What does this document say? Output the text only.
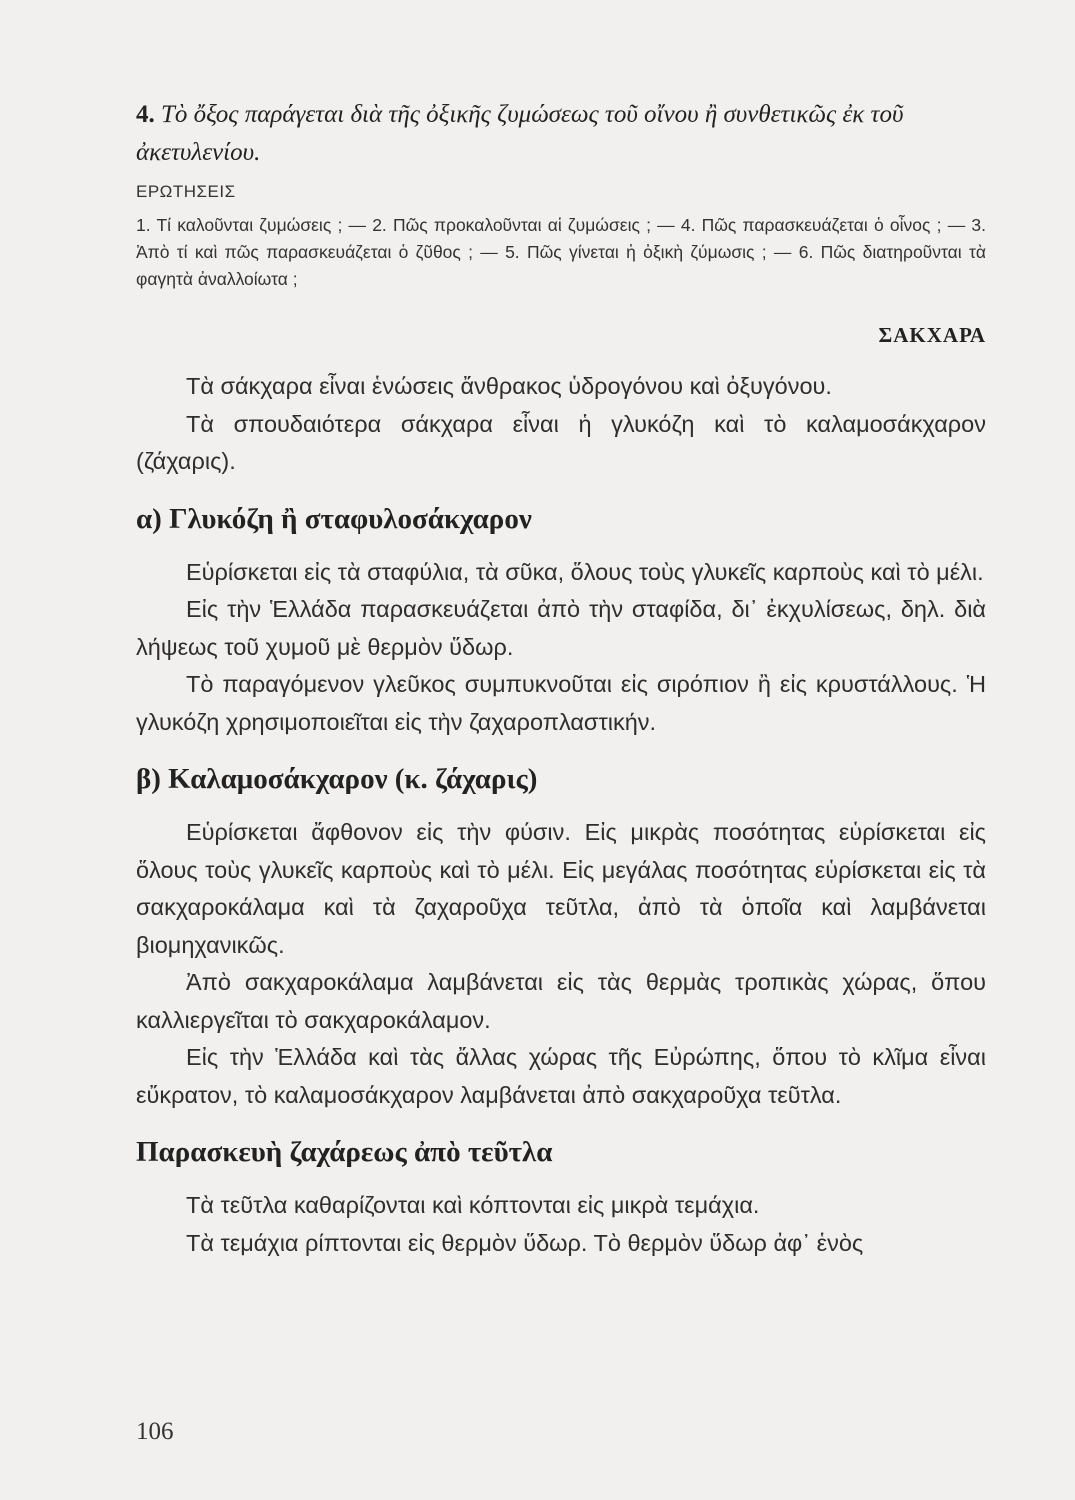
4. Τὸ ὄξος παράγεται διὰ τῆς ὀξικῆς ζυμώσεως τοῦ οἴνου ἢ συνθετικῶς ἐκ τοῦ ἀκετυλενίου.

ΕΡΩΤΗΣΕΙΣ

1. Τί καλοῦνται ζυμώσεις ; — 2. Πῶς προκαλοῦνται αἱ ζυμώσεις ; — 4. Πῶς παρασκευάζεται ὁ οἶνος ; — 3. Ἀπὸ τί καὶ πῶς παρασκευάζεται ὁ ζῦθος ; — 5. Πῶς γίνεται ἡ ὀξικὴ ζύμωσις ; — 6. Πῶς διατηροῦνται τὰ φαγητὰ ἀναλλοίωτα ;

ΣΑΚΧΑΡΑ

Τὰ σάκχαρα εἶναι ἑνώσεις ἄνθρακος ὑδρογόνου καὶ ὀξυγόνου.

Τὰ σπουδαιότερα σάκχαρα εἶναι ἡ γλυκόζη καὶ τὸ καλαμοσάκχαρον (ζάχαρις).

α) Γλυκόζη ἢ σταφυλοσάκχαρον

Εὑρίσκεται εἰς τὰ σταφύλια, τὰ σῦκα, ὅλους τοὺς γλυκεῖς καρποὺς καὶ τὸ μέλι.

Εἰς τὴν Ἑλλάδα παρασκευάζεται ἀπὸ τὴν σταφίδα, δι᾽ ἐκχυλίσεως, δηλ. διὰ λήψεως τοῦ χυμοῦ μὲ θερμὸν ὕδωρ.

Τὸ παραγόμενον γλεῦκος συμπυκνοῦται εἰς σιρόπιον ἢ εἰς κρυστάλλους. Ἡ γλυκόζη χρησιμοποιεῖται εἰς τὴν ζαχαροπλαστικήν.

β) Καλαμοσάκχαρον (κ. ζάχαρις)

Εὑρίσκεται ἄφθονον εἰς τὴν φύσιν. Εἰς μικρὰς ποσότητας εὑρίσκεται εἰς ὅλους τοὺς γλυκεῖς καρποὺς καὶ τὸ μέλι. Εἰς μεγάλας ποσότητας εὑρίσκεται εἰς τὰ σακχαροκάλαμα καὶ τὰ ζαχαροῦχα τεῦτλα, ἀπὸ τὰ ὁποῖα καὶ λαμβάνεται βιομηχανικῶς.

Ἀπὸ σακχαροκάλαμα λαμβάνεται εἰς τὰς θερμὰς τροπικὰς χώρας, ὅπου καλλιεργεῖται τὸ σακχαροκάλαμον.

Εἰς τὴν Ἑλλάδα καὶ τὰς ἄλλας χώρας τῆς Εὐρώπης, ὅπου τὸ κλῖμα εἶναι εὔκρατον, τὸ καλαμοσάκχαρον λαμβάνεται ἀπὸ σακχαροῦχα τεῦτλα.

Παρασκευὴ ζαχάρεως ἀπὸ τεῦτλα

Τὰ τεῦτλα καθαρίζονται καὶ κόπτονται εἰς μικρὰ τεμάχια.

Τὰ τεμάχια ρίπτονται εἰς θερμὸν ὕδωρ. Τὸ θερμὸν ὕδωρ ἀφ᾽ ἑνὸς

106
